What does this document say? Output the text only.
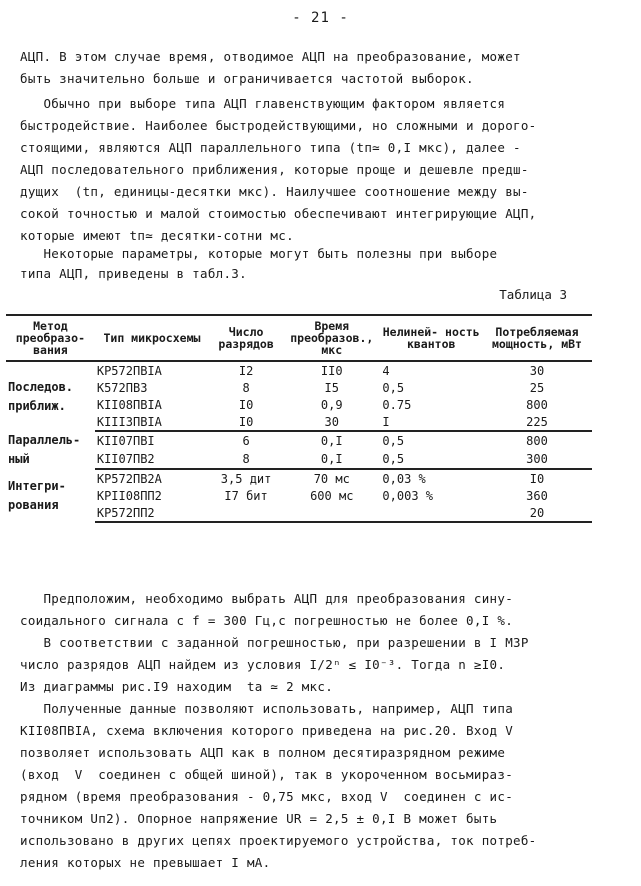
- 21 -
АЦП. В этом случае время, отводимое АЦП на преобразование, может
быть значительно больше и ограничивается частотой выборок.
Обычно при выборе типа АЦП главенствующим фактором является
быстродействие. Наиболее быстродействующими, но сложными и дорого-
стоящими, являются АЦП параллельного типа (tп≃ 0,I мкс), далее -
АЦП последовательного приближения, которые проще и дешевле предш-
дущих  (tп, единицы-десятки мкс). Наилучшее соотношение между вы-
сокой точностью и малой стоимостью обеспечивают интегрирующие АЦП,
которые имеют tп≃ десятки-сотни мс.
Некоторые параметры, которые могут быть полезны при выборе
типа АЦП, приведены в табл.3.
Таблица 3
Метод преобразо- вания	Тип микросхемы	Число разрядов	Время преобразов., мкс	Нелиней- ность квантов	Потребляемая мощность, мВт
Последов. приближ.	КР572ПВIА	I2	II0	4	30
	К572ПВ3	8	I5	0,5	25
	КII08ПВIА	I0	0,9	0.75	800
	КIII3ПВIА	I0	30	I	225
Параллель- ный	КII07ПВI	6	0,I	0,5	800
	КII07ПВ2	8	0,I	0,5	300
Интегри- рования	КР572ПВ2А	3,5 дит	70 мс	0,03 %	I0
	КРII08ПП2	I7 бит	600 мс	0,003 %	360
	КР572ПП2				20
Предположим, необходимо выбрать АЦП для преобразования сину-
соидального сигнала с f = 300 Гц,с погрешностью не более 0,I %.
В соответствии с заданной погрешностью, при разрешении в I МЗР
число разрядов АЦП найдем из условия I/2ⁿ ≤ I0⁻³. Тогда n ≥I0.
Из диаграммы рис.I9 находим  tа ≃ 2 мкс.
Полученные данные позволяют использовать, например, АЦП типа
КII08ПВIА, схема включения которого приведена на рис.20. Вход V
позволяет использовать АЦП как в полном десятиразрядном режиме
(вход  V  соединен с общей шиной), так в укороченном восьмираз-
рядном (время преобразования - 0,75 мкс, вход V  соединен с ис-
точником Uп2). Опорное напряжение UR = 2,5 ± 0,I В может быть
использовано в других цепях проектируемого устройства, ток потреб-
ления которых не превышает I мА.
